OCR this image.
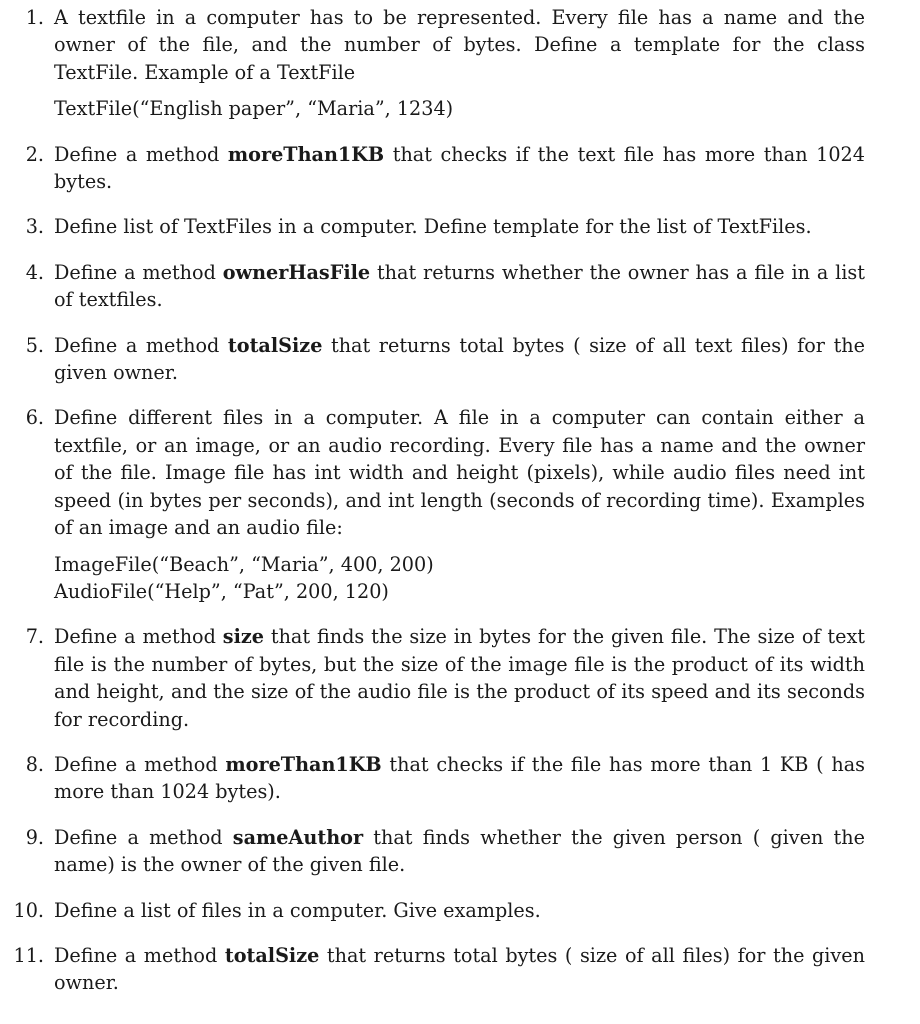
1. A textfile in a computer has to be represented. Every file has a name and the owner of the file, and the number of bytes. Define a template for the class TextFile. Example of a TextFile

TextFile(“English paper”, “Maria”, 1234)
2. Define a method moreThan1KB that checks if the text file has more than 1024 bytes.

3. Define list of TextFiles in a computer. Define template for the list of TextFiles.

4. Define a method ownerHasFile that returns whether the owner has a file in a list of textfiles.

5. Define a method totalSize that returns total bytes ( size of all text files) for the given owner.

6. Define different files in a computer. A file in a computer can contain either a textfile, or an image, or an audio recording. Every file has a name and the owner of the file. Image file has int width and height (pixels), while audio files need int speed (in bytes per seconds), and int length (seconds of recording time). Examples of an image and an audio file:

ImageFile(“Beach”, “Maria”, 400, 200)
AudioFile(“Help”, “Pat”, 200, 120)
7. Define a method size that finds the size in bytes for the given file. The size of text file is the number of bytes, but the size of the image file is the product of its width and height, and the size of the audio file is the product of its speed and its seconds for recording.

8. Define a method moreThan1KB that checks if the file has more than 1 KB ( has more than 1024 bytes).

9. Define a method sameAuthor that finds whether the given person ( given the name) is the owner of the given file.

10. Define a list of files in a computer. Give examples.

11. Define a method totalSize that returns total bytes ( size of all files) for the given owner.
